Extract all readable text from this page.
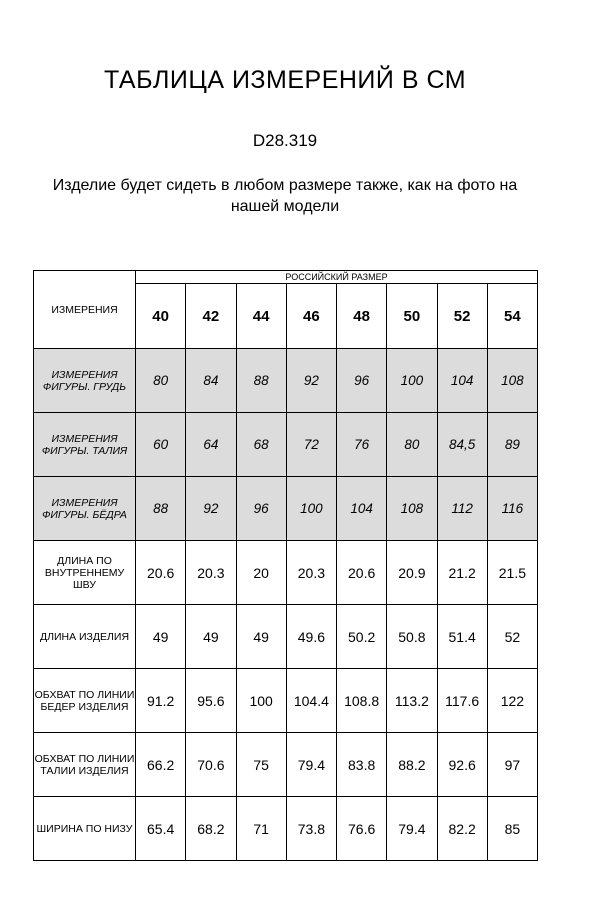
ТАБЛИЦА ИЗМЕРЕНИЙ В СМ
D28.319
Изделие будет сидеть в любом размере также, как на фото на нашей модели
ИЗМЕРЕНИЯ	РОССИЙСКИЙ РАЗМЕР							
	40	42	44	46	48	50	52	54
ИЗМЕРЕНИЯ ФИГУРЫ. ГРУДЬ	80	84	88	92	96	100	104	108
ИЗМЕРЕНИЯ ФИГУРЫ. ТАЛИЯ	60	64	68	72	76	80	84,5	89
ИЗМЕРЕНИЯ ФИГУРЫ. БЁДРА	88	92	96	100	104	108	112	116
ДЛИНА ПО ВНУТРЕННЕМУ ШВУ	20.6	20.3	20	20.3	20.6	20.9	21.2	21.5
ДЛИНА ИЗДЕЛИЯ	49	49	49	49.6	50.2	50.8	51.4	52
ОБХВАТ ПО ЛИНИИ БЕДЕР ИЗДЕЛИЯ	91.2	95.6	100	104.4	108.8	113.2	117.6	122
ОБХВАТ ПО ЛИНИИ ТАЛИИ ИЗДЕЛИЯ	66.2	70.6	75	79.4	83.8	88.2	92.6	97
ШИРИНА ПО НИЗУ	65.4	68.2	71	73.8	76.6	79.4	82.2	85
